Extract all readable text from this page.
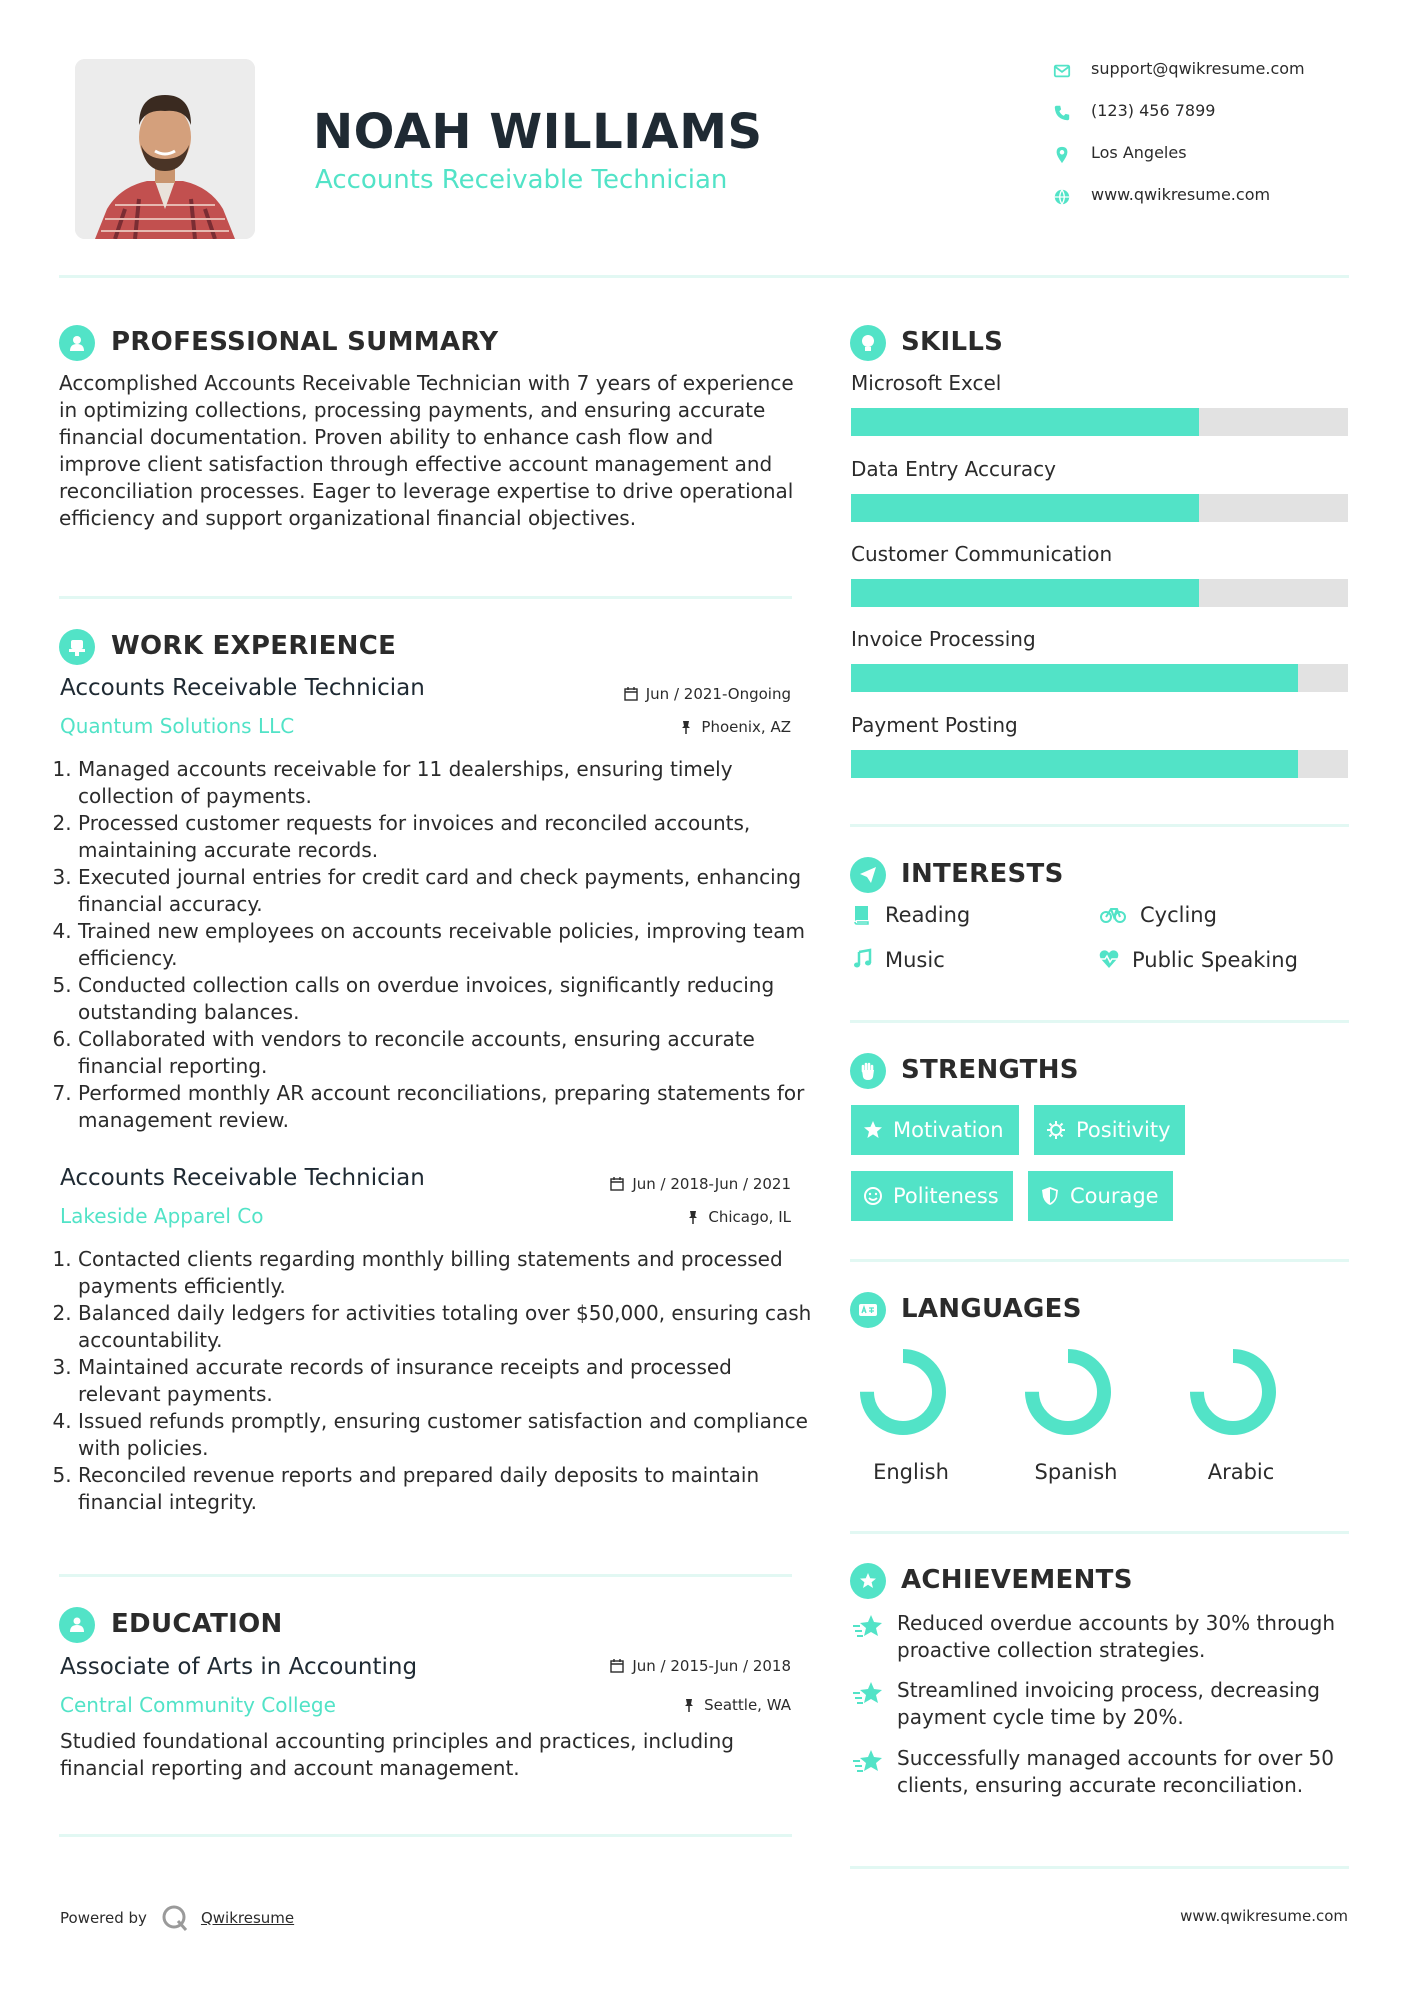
NOAH WILLIAMS
Accounts Receivable Technician
support@qwikresume.com
(123) 456 7899
Los Angeles
www.qwikresume.com
PROFESSIONAL SUMMARY
Accomplished Accounts Receivable Technician with 7 years of experience in optimizing collections, processing payments, and ensuring accurate financial documentation. Proven ability to enhance cash flow and improve client satisfaction through effective account management and reconciliation processes. Eager to leverage expertise to drive operational efficiency and support organizational financial objectives.
WORK EXPERIENCE
Accounts Receivable Technician	Jun / 2021-Ongoing
Quantum Solutions LLC	Phoenix, AZ
1. Managed accounts receivable for 11 dealerships, ensuring timely collection of payments.
2. Processed customer requests for invoices and reconciled accounts, maintaining accurate records.
3. Executed journal entries for credit card and check payments, enhancing financial accuracy.
4. Trained new employees on accounts receivable policies, improving team efficiency.
5. Conducted collection calls on overdue invoices, significantly reducing outstanding balances.
6. Collaborated with vendors to reconcile accounts, ensuring accurate financial reporting.
7. Performed monthly AR account reconciliations, preparing statements for management review.
Accounts Receivable Technician	Jun / 2018-Jun / 2021
Lakeside Apparel Co	Chicago, IL
1. Contacted clients regarding monthly billing statements and processed payments efficiently.
2. Balanced daily ledgers for activities totaling over $50,000, ensuring cash accountability.
3. Maintained accurate records of insurance receipts and processed relevant payments.
4. Issued refunds promptly, ensuring customer satisfaction and compliance with policies.
5. Reconciled revenue reports and prepared daily deposits to maintain financial integrity.
EDUCATION
Associate of Arts in Accounting	Jun / 2015-Jun / 2018
Central Community College	Seattle, WA
Studied foundational accounting principles and practices, including financial reporting and account management.
SKILLS
Microsoft Excel
Data Entry Accuracy
Customer Communication
Invoice Processing
Payment Posting
INTERESTS
Reading	Cycling
Music	Public Speaking
STRENGTHS
Motivation	Positivity
Politeness	Courage
LANGUAGES
English	Spanish	Arabic
ACHIEVEMENTS
Reduced overdue accounts by 30% through proactive collection strategies.
Streamlined invoicing process, decreasing payment cycle time by 20%.
Successfully managed accounts for over 50 clients, ensuring accurate reconciliation.
Powered by	Qwikresume	www.qwikresume.com
